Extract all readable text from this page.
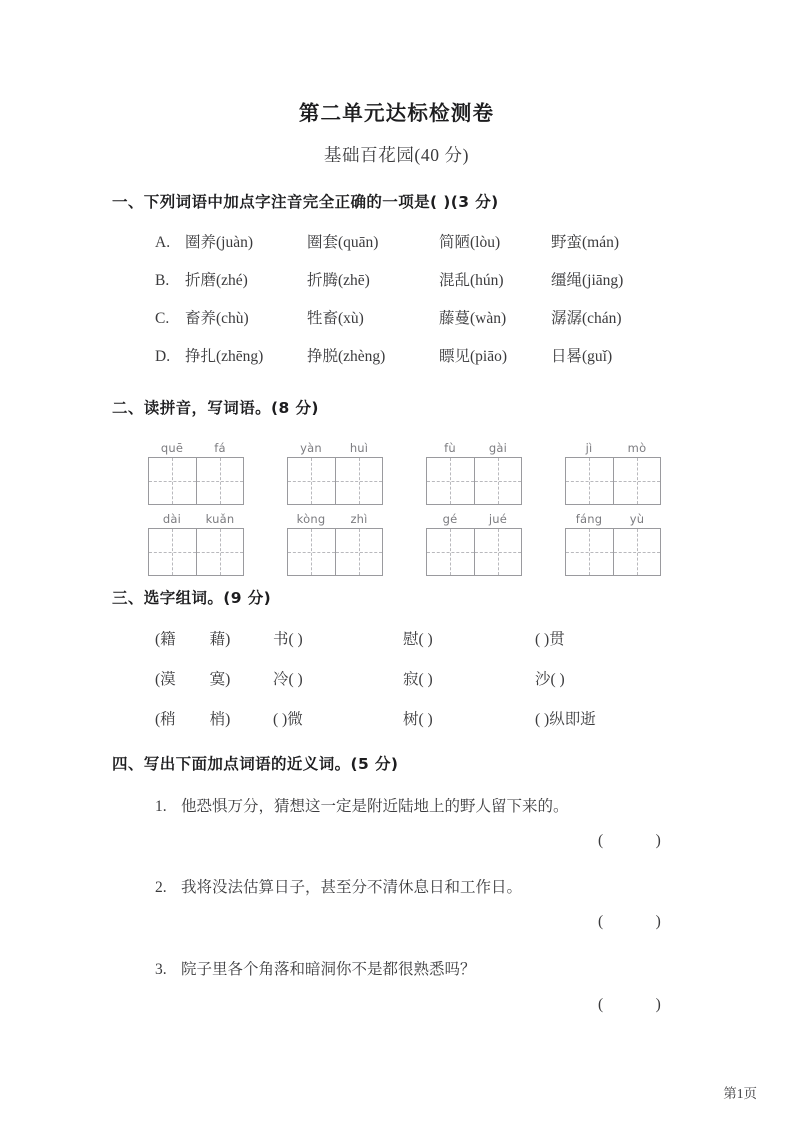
第二单元达标检测卷
基础百花园(40 分)
一、下列词语中加点字注音完全正确的一项是( )(3 分)
A. 圈养(juàn)	圈套(quān)	简陋(lòu)	野蛮(mán)
B. 折磨(zhé)	折腾(zhē)	混乱(hún)	缰绳(jiāng)
C. 畜养(chù)	牲畜(xù)	藤蔓(wàn)	潺潺(chán)
D. 挣扎(zhēng)	挣脱(zhèng)	瞟见(piāo)	日晷(guǐ)
二、读拼音，写词语。(8 分)
quē	fá	yàn	huì	fù	gài	jì	mò
dài	kuǎn	kòng	zhì	gé	jué	fáng	yù
三、选字组词。(9 分)
(籍 藉)	书( )	慰( )	( )贯
(漠 寞)	冷( )	寂( )	沙( )
(稍 梢)	( )微	树( )	( )纵即逝
四、写出下面加点词语的近义词。(5 分)
1. 他恐惧万分，猜想这一定是附近陆地上的野人留下来的。
(	)
2. 我将没法估算日子，甚至分不清休息日和工作日。
(	)
3. 院子里各个角落和暗洞你不是都很熟悉吗？
(	)
第1页
